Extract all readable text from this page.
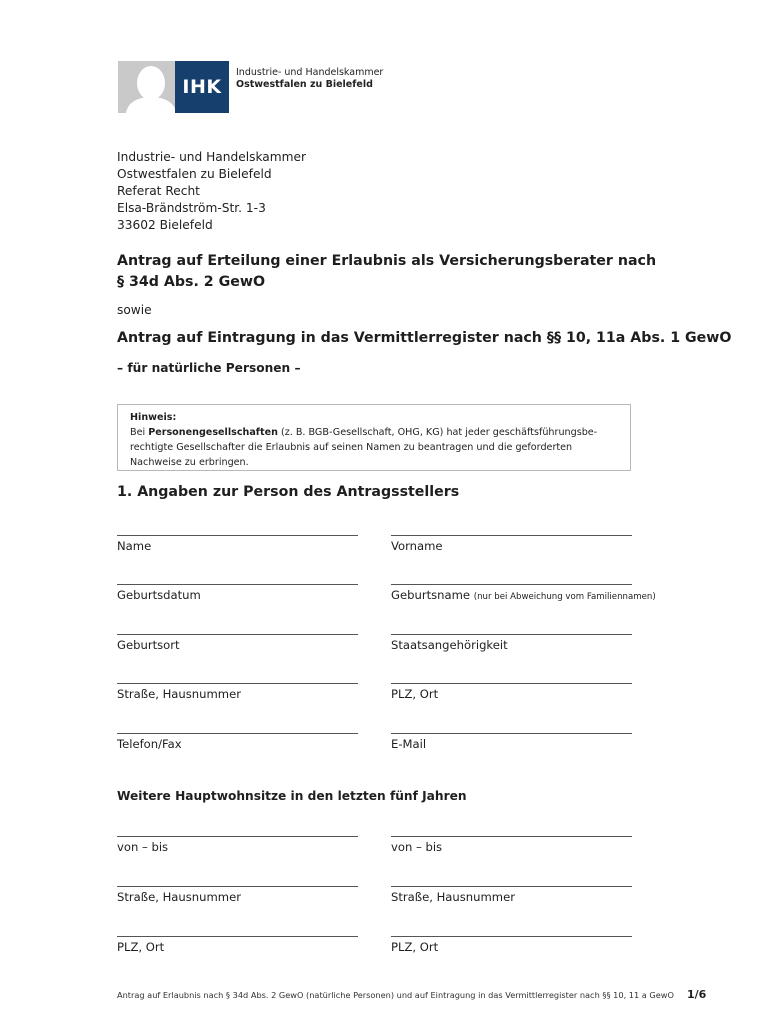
IHK
Industrie- und Handelskammer
Ostwestfalen zu Bielefeld
Industrie- und Handelskammer
Ostwestfalen zu Bielefeld
Referat Recht
Elsa-Brändström-Str. 1-3
33602 Bielefeld
Antrag auf Erteilung einer Erlaubnis als Versicherungsberater nach
§ 34d Abs. 2 GewO
sowie
Antrag auf Eintragung in das Vermittlerregister nach §§ 10, 11a Abs. 1 GewO
– für natürliche Personen –
Hinweis:
Bei Personengesellschaften (z. B. BGB-Gesellschaft, OHG, KG) hat jeder geschäftsführungsbe-
rechtigte Gesellschafter die Erlaubnis auf seinen Namen zu beantragen und die geforderten
Nachweise zu erbringen.
1. Angaben zur Person des Antragsstellers
Name	Vorname
Geburtsdatum	Geburtsname (nur bei Abweichung vom Familiennamen)
Geburtsort	Staatsangehörigkeit
Straße, Hausnummer	PLZ, Ort
Telefon/Fax	E-Mail
Weitere Hauptwohnsitze in den letzten fünf Jahren
von – bis	von – bis
Straße, Hausnummer	Straße, Hausnummer
PLZ, Ort	PLZ, Ort
Antrag auf Erlaubnis nach § 34d Abs. 2 GewO (natürliche Personen) und auf Eintragung in das Vermittlerregister nach §§ 10, 11 a GewO 1/6
